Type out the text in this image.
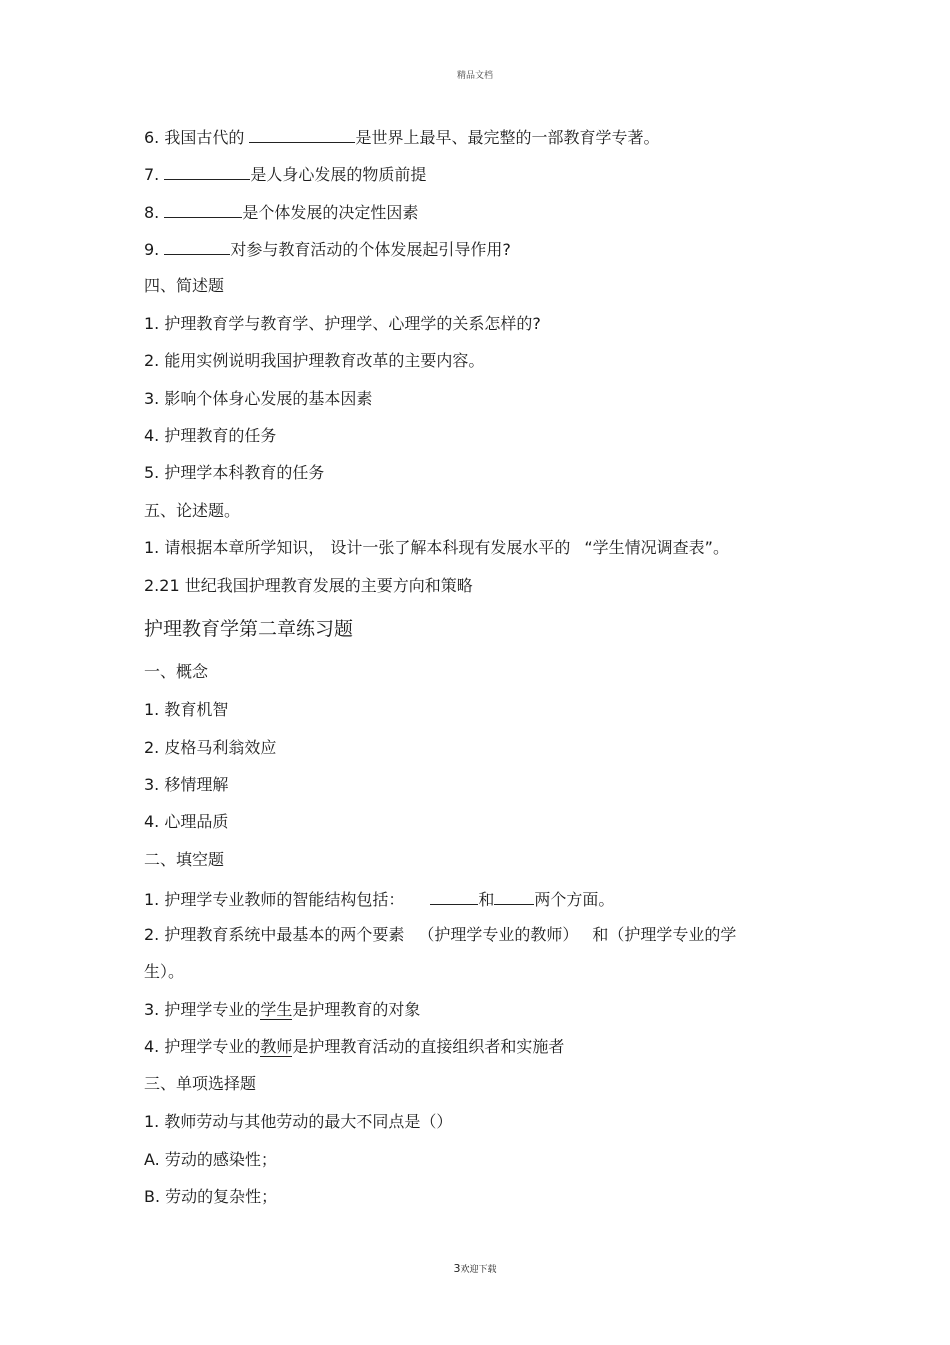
精品文档
6. 我国古代的	是世界上最早、最完整的一部教育学专著。
7.	是人身心发展的物质前提
8.	是个体发展的决定性因素
9.	对参与教育活动的个体发展起引导作用?
四、简述题
1. 护理教育学与教育学、护理学、心理学的关系怎样的?
2. 能用实例说明我国护理教育改革的主要内容。
3. 影响个体身心发展的基本因素
4. 护理教育的任务
5. 护理学本科教育的任务
五、论述题。
1. 请根据本章所学知识， 设计一张了解本科现有发展水平的 “学生情况调查表”。
2.21 世纪我国护理教育发展的主要方向和策略
护理教育学第二章练习题
一、概念
1. 教育机智
2. 皮格马利翁效应
3. 移情理解
4. 心理品质
二、填空题
1. 护理学专业教师的智能结构包括：	和	两个方面。
2. 护理教育系统中最基本的两个要素 （护理学专业的教师） 和（护理学专业的学
生）。
3. 护理学专业的学生是护理教育的对象
4. 护理学专业的教师是护理教育活动的直接组织者和实施者
三、单项选择题
1. 教师劳动与其他劳动的最大不同点是（）
A. 劳动的感染性；
B. 劳动的复杂性；
3欢迎下载
